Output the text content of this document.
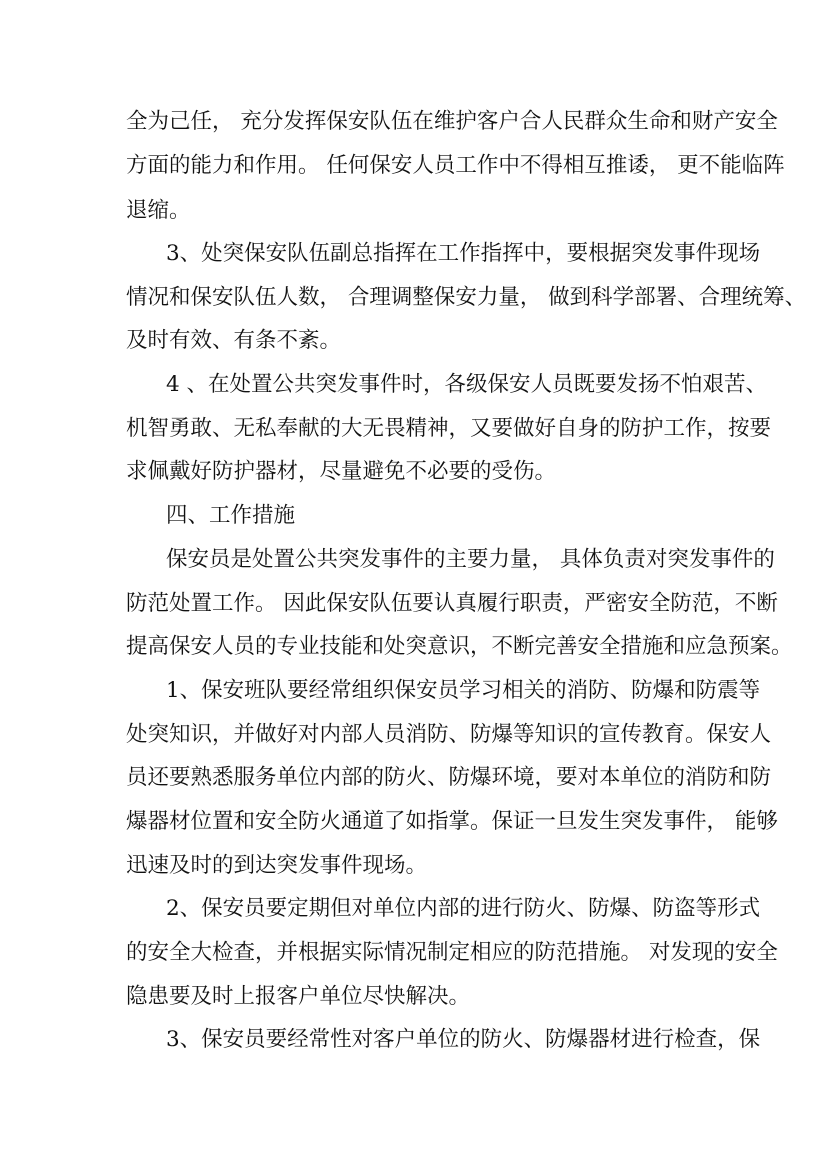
全为己任， 充分发挥保安队伍在维护客户合人民群众生命和财产安全
方面的能力和作用。 任何保安人员工作中不得相互推诿， 更不能临阵
退缩。
3、处突保安队伍副总指挥在工作指挥中，要根据突发事件现场
情况和保安队伍人数， 合理调整保安力量， 做到科学部署、合理统筹、
及时有效、有条不紊。
4 、在处置公共突发事件时，各级保安人员既要发扬不怕艰苦、
机智勇敢、无私奉献的大无畏精神，又要做好自身的防护工作，按要
求佩戴好防护器材，尽量避免不必要的受伤。
四、工作措施
保安员是处置公共突发事件的主要力量， 具体负责对突发事件的
防范处置工作。 因此保安队伍要认真履行职责，严密安全防范，不断
提高保安人员的专业技能和处突意识，不断完善安全措施和应急预案。
1、保安班队要经常组织保安员学习相关的消防、防爆和防震等
处突知识，并做好对内部人员消防、防爆等知识的宣传教育。保安人
员还要熟悉服务单位内部的防火、防爆环境，要对本单位的消防和防
爆器材位置和安全防火通道了如指掌。保证一旦发生突发事件， 能够
迅速及时的到达突发事件现场。
2、保安员要定期但对单位内部的进行防火、防爆、防盗等形式
的安全大检查，并根据实际情况制定相应的防范措施。 对发现的安全
隐患要及时上报客户单位尽快解决。
3、保安员要经常性对客户单位的防火、防爆器材进行检查，保
